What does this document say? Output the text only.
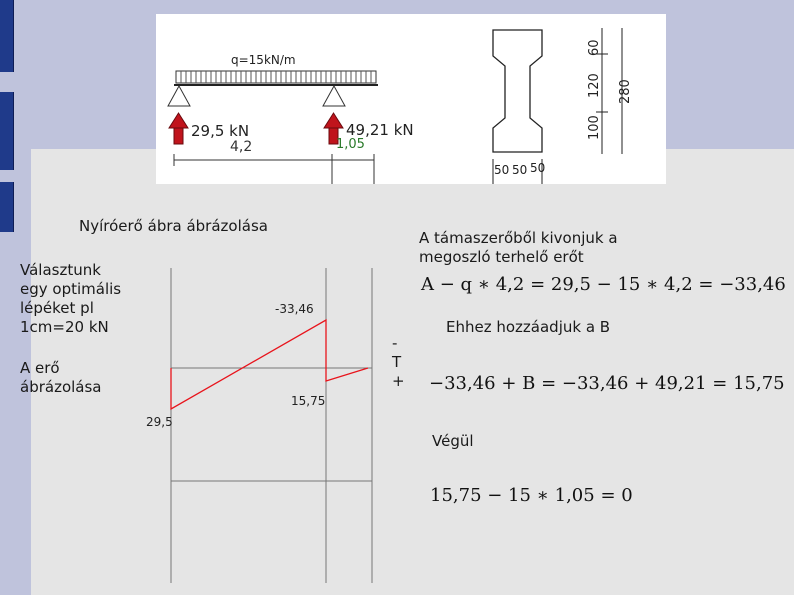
q=15kN/m
29,5 kN	49,21 kN
4,2	1,05
60
120
100
280
50 50 50
-33,46
15,75
29,5
Nyíróerő ábra ábrázolása
Választunk
egy optimális
lépéket pl
1cm=20 kN
A erő
ábrázolása
-
T
+
A támaszerőből kivonjuk a
megoszló terhelő erőt
Ehhez hozzáadjuk a B
Végül
A − q ∗ 4,2 = 29,5 − 15 ∗ 4,2 = −33,46
−33,46 + B = −33,46 + 49,21 = 15,75
15,75 − 15 ∗ 1,05 = 0
